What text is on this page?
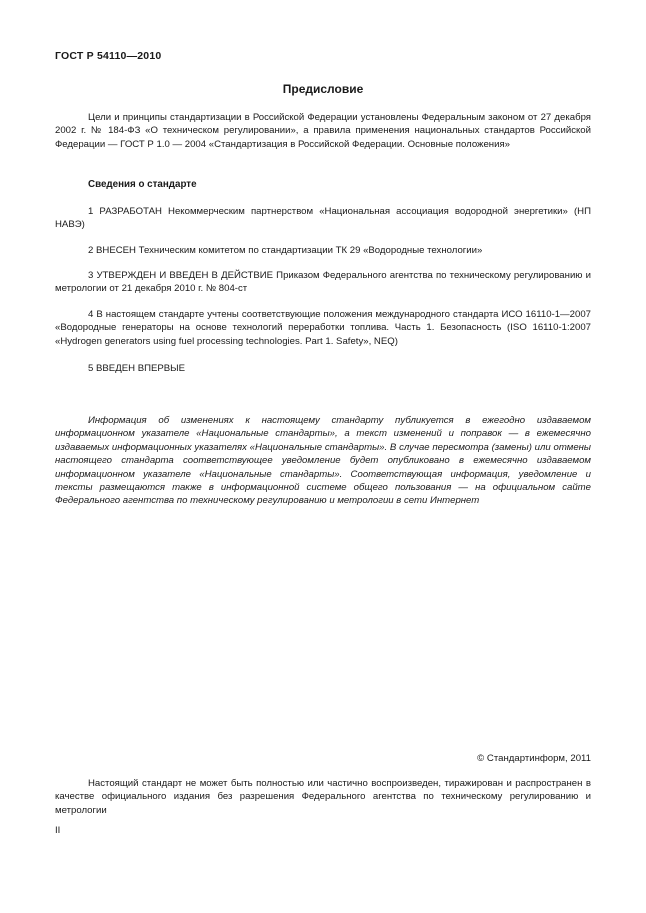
ГОСТ Р 54110—2010
Предисловие
Цели и принципы стандартизации в Российской Федерации установлены Федеральным законом от 27 декабря 2002 г. № 184-ФЗ «О техническом регулировании», а правила применения национальных стандартов Российской Федерации — ГОСТ Р 1.0 — 2004 «Стандартизация в Российской Федерации. Основные положения»
Сведения о стандарте
1 РАЗРАБОТАН Некоммерческим партнерством «Национальная ассоциация водородной энергетики» (НП НАВЭ)
2 ВНЕСЕН Техническим комитетом по стандартизации ТК 29 «Водородные технологии»
3 УТВЕРЖДЕН И ВВЕДЕН В ДЕЙСТВИЕ Приказом Федерального агентства по техническому регулированию и метрологии от 21 декабря 2010 г. № 804-ст
4 В настоящем стандарте учтены соответствующие положения международного стандарта ИСО 16110-1—2007 «Водородные генераторы на основе технологий переработки топлива. Часть 1. Безопасность (ISO 16110-1:2007 «Hydrogen generators using fuel processing technologies. Part 1. Safety», NEQ)
5 ВВЕДЕН ВПЕРВЫЕ
Информация об изменениях к настоящему стандарту публикуется в ежегодно издаваемом информационном указателе «Национальные стандарты», а текст изменений и поправок — в ежемесячно издаваемых информационных указателях «Национальные стандарты». В случае пересмотра (замены) или отмены настоящего стандарта соответствующее уведомление будет опубликовано в ежемесячно издаваемом информационном указателе «Национальные стандарты». Соответствующая информация, уведомление и тексты размещаются также в информационной системе общего пользования — на официальном сайте Федерального агентства по техническому регулированию и метрологии в сети Интернет
© Стандартинформ, 2011
Настоящий стандарт не может быть полностью или частично воспроизведен, тиражирован и распространен в качестве официального издания без разрешения Федерального агентства по техническому регулированию и метрологии
II
